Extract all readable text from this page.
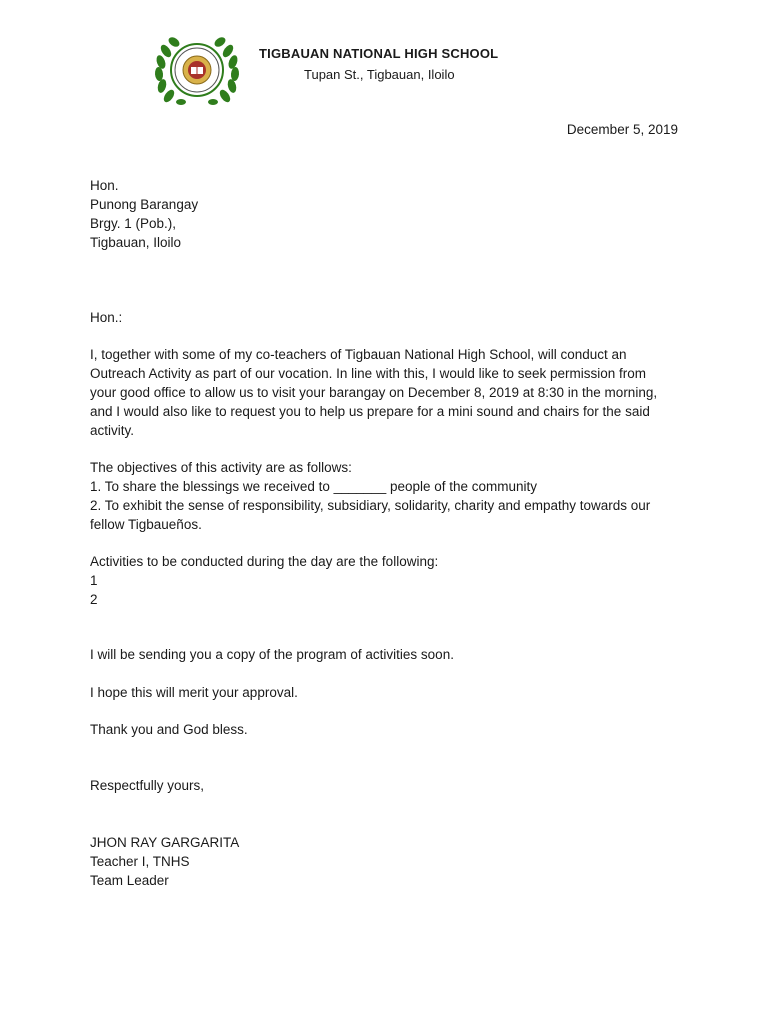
TIGBAUAN NATIONAL HIGH SCHOOL
Tupan St., Tigbauan, Iloilo
December 5, 2019
Hon.
Punong Barangay
Brgy. 1 (Pob.),
Tigbauan, Iloilo
Hon.:
I, together with some of my co-teachers of Tigbauan National High School, will conduct an
Outreach Activity as part of our vocation. In line with this, I would like to seek permission from
your good office to allow us to visit your barangay on December 8, 2019 at 8:30 in the morning,
and I would also like to request you to help us prepare for a mini sound and chairs for the said
activity.
The objectives of this activity are as follows:
1. To share the blessings we received to _______ people of the community
2. To exhibit the sense of responsibility, subsidiary, solidarity, charity and empathy towards our
fellow Tigbaueños.
Activities to be conducted during the day are the following:
1
2
I will be sending you a copy of the program of activities soon.
I hope this will merit your approval.
Thank you and God bless.
Respectfully yours,
JHON RAY GARGARITA
Teacher I, TNHS
Team Leader
